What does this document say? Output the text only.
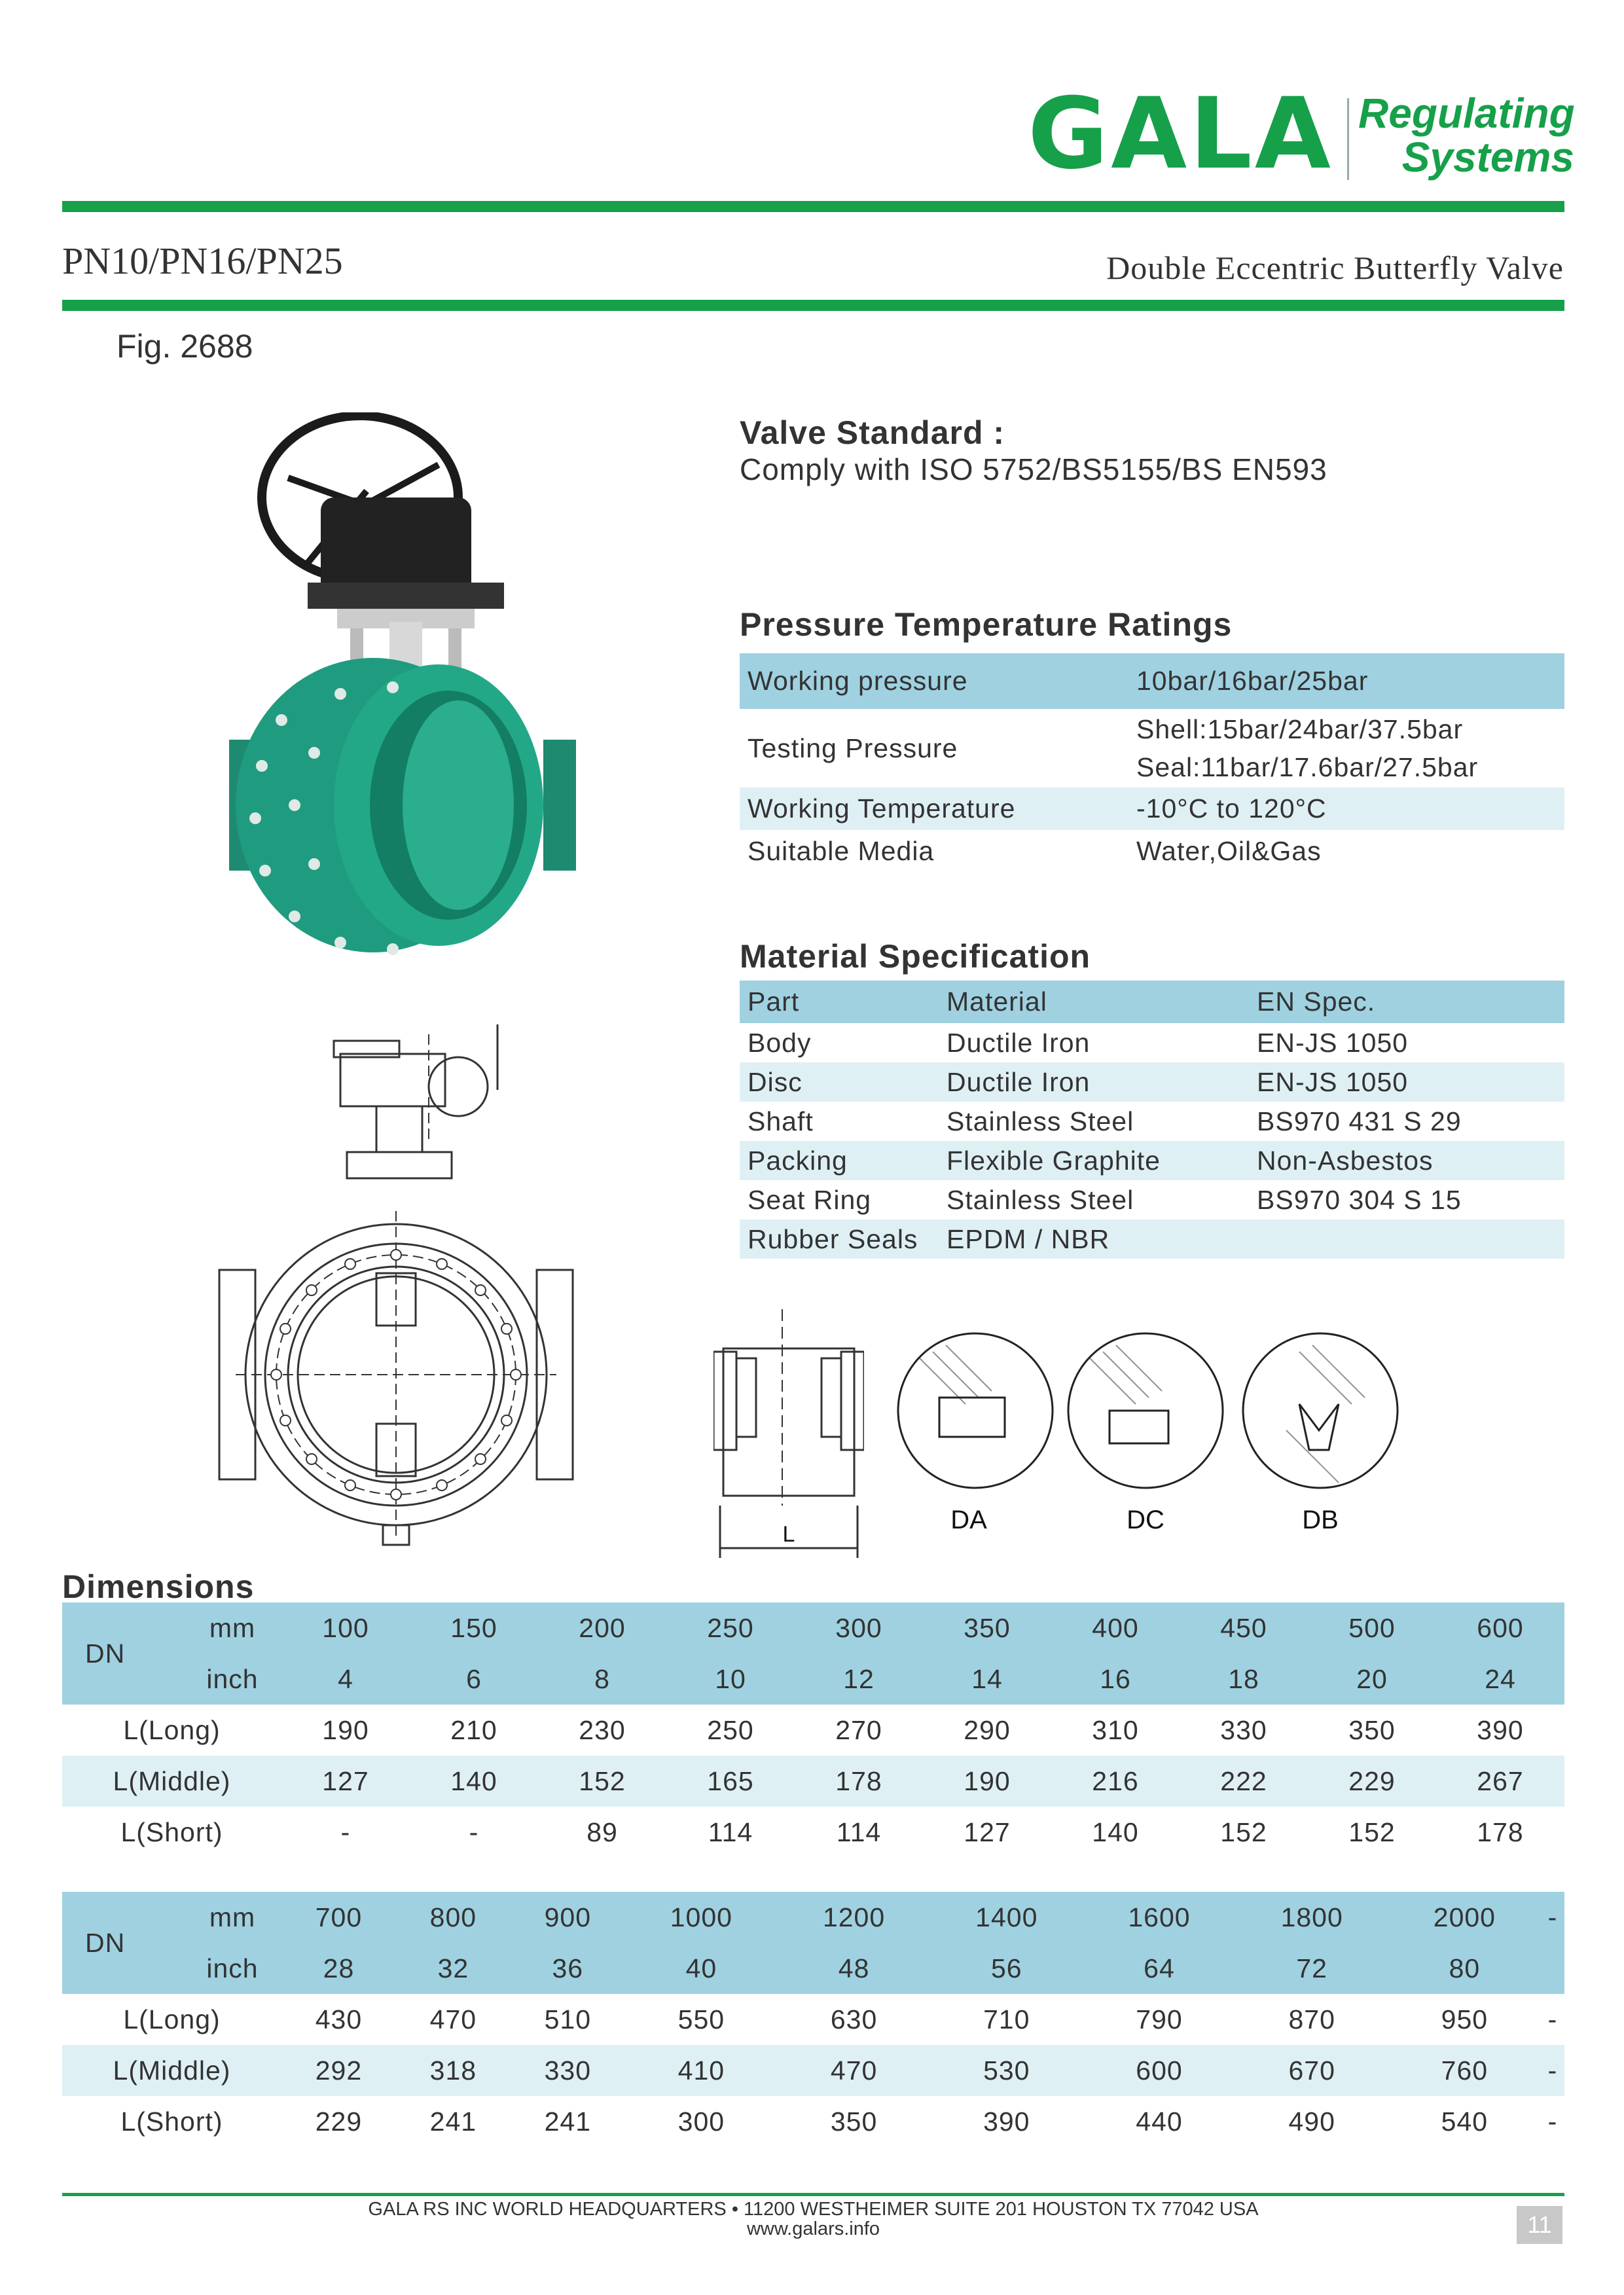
GALA Regulating
Systems
PN10/PN16/PN25	Double Eccentric Butterfly Valve
Fig. 2688
L	DA	DC	DB
Valve Standard :
Comply with ISO 5752/BS5155/BS EN593
Pressure Temperature Ratings
Working pressure	10bar/16bar/25bar
Testing Pressure	Shell:15bar/24bar/37.5bar
Seal:11bar/17.6bar/27.5bar

Working Temperature	-10°C to 120°C
Suitable Media	Water,Oil&Gas
Material Specification
Part	Material	EN Spec.
Body	Ductile Iron	EN-JS 1050
Disc	Ductile Iron	EN-JS 1050
Shaft	Stainless Steel	BS970 431 S 29
Packing	Flexible Graphite	Non-Asbestos
Seat Ring	Stainless Steel	BS970 304 S 15
Rubber Seals	EPDM / NBR	
Dimensions
DN	mm	100	150	200	250	300	350	400	450	500	600
	inch	4	6	8	10	12	14	16	18	20	24
L(Long)		190	210	230	250	270	290	310	330	350	390
L(Middle)		127	140	152	165	178	190	216	222	229	267
L(Short)		-	-	89	114	114	127	140	152	152	178
DN	mm	700	800	900	1000	1200	1400	1600	1800	2000	-
	inch	28	32	36	40	48	56	64	72	80	
L(Long)		430	470	510	550	630	710	790	870	950	-
L(Middle)		292	318	330	410	470	530	600	670	760	-
L(Short)		229	241	241	300	350	390	440	490	540	-
GALA RS INC WORLD HEADQUARTERS • 11200 WESTHEIMER SUITE 201 HOUSTON TX 77042 USA
www.galars.info	11
